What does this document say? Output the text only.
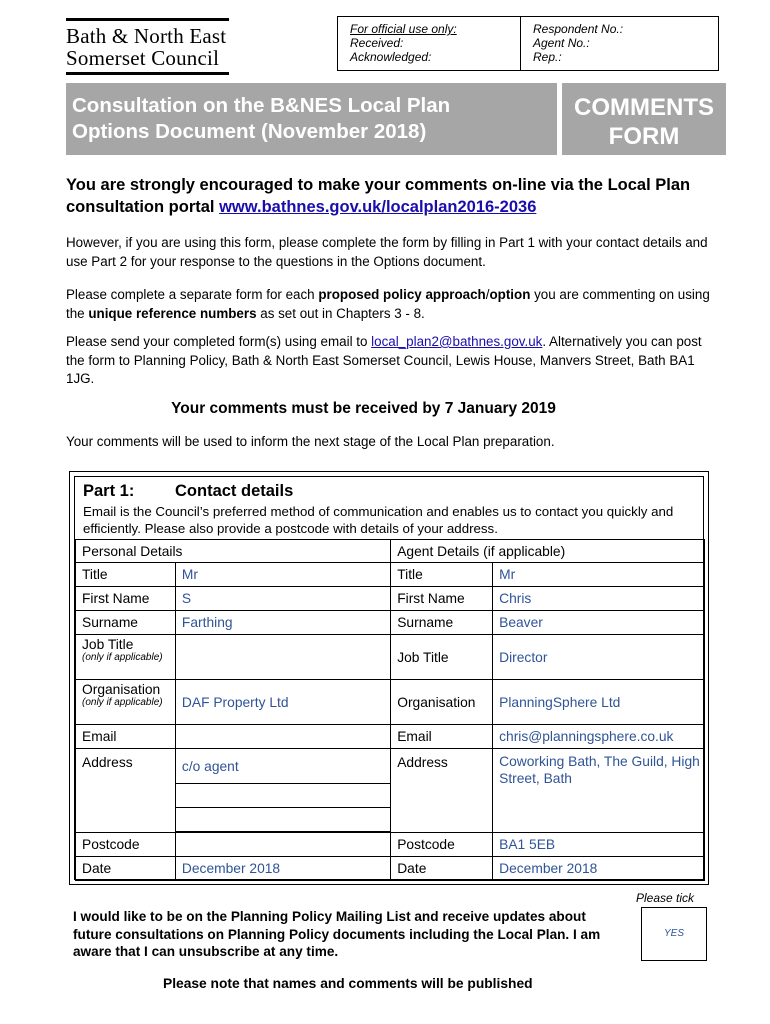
Bath & North East
Somerset Council
For official use only:
Received:
Acknowledged:
Respondent No.:
Agent No.:
Rep.:
Consultation on the B&NES Local Plan
Options Document (November 2018)
COMMENTS
FORM
You are strongly encouraged to make your comments on-line via the Local Plan consultation portal www.bathnes.gov.uk/localplan2016-2036
However, if you are using this form, please complete the form by filling in Part 1 with your contact details and use Part 2 for your response to the questions in the Options document.
Please complete a separate form for each proposed policy approach/option you are commenting on using the unique reference numbers as set out in Chapters 3 - 8.
Please send your completed form(s) using email to local_plan2@bathnes.gov.uk. Alternatively you can post the form to Planning Policy, Bath & North East Somerset Council, Lewis House, Manvers Street, Bath BA1 1JG.
Your comments must be received by 7 January 2019
Your comments will be used to inform the next stage of the Local Plan preparation.
Part 1: Contact details
Email is the Council’s preferred method of communication and enables us to contact you quickly and efficiently. Please also provide a postcode with details of your address.
Personal Details		Agent Details (if applicable)	
Title	Mr	Title	Mr
First Name	S	First Name	Chris
Surname	Farthing	Surname	Beaver

Job Title
(only if applicable)		Job Title	Director

Organisation
(only if applicable)	DAF Property Ltd	Organisation	PlanningSphere Ltd
Email		Email	chris@planningsphere.co.uk
Address	c/o agent	Address	Coworking Bath, The Guild, High Street, Bath

Postcode		Postcode	BA1 5EB
Date	December 2018	Date	December 2018
Please tick
YES
I would like to be on the Planning Policy Mailing List and receive updates about future consultations on Planning Policy documents including the Local Plan. I am aware that I can unsubscribe at any time.
Please note that names and comments will be published
